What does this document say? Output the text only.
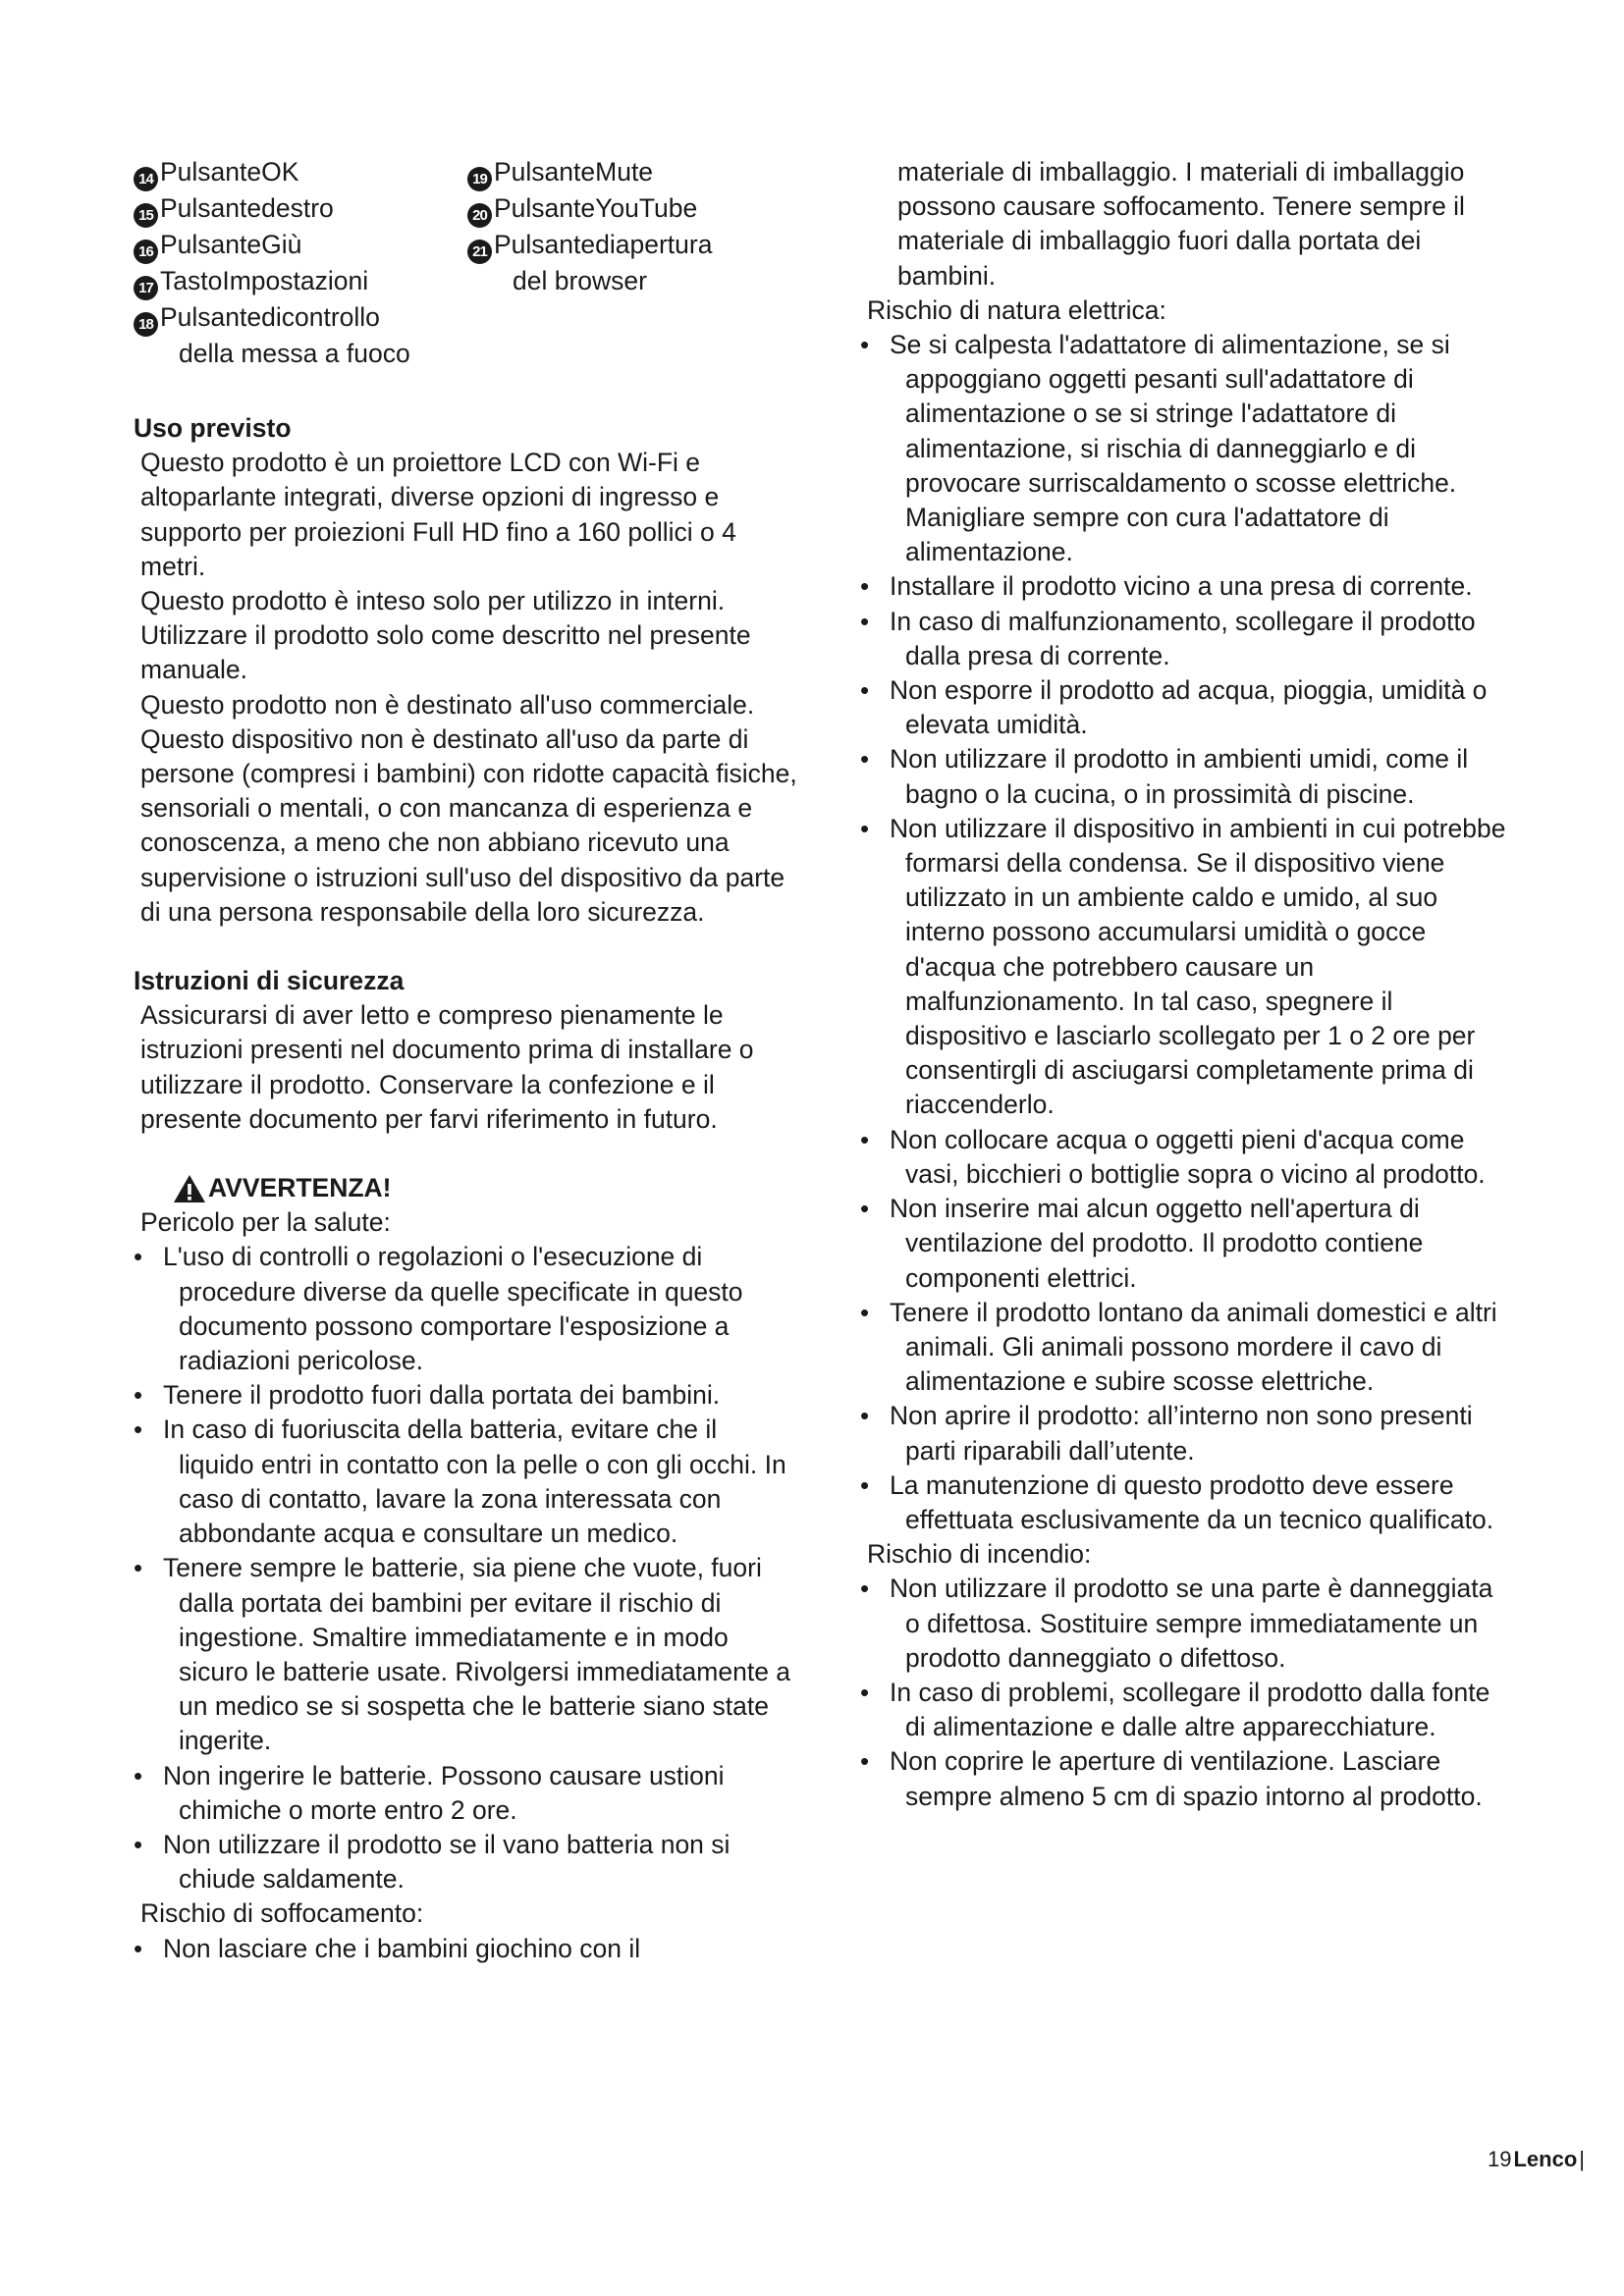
14 PulsanteOK
15 Pulsantedestro
16 PulsanteGiù
17 TastoImpostazioni
18 Pulsantedicontrollo
della messa a fuoco
19 PulsanteMute
20 PulsanteYouTube
21 Pulsantediapertura
del browser
Uso previsto

Questo prodotto è un proiettore LCD con Wi-Fi e altoparlante integrati, diverse opzioni di ingresso e supporto per proiezioni Full HD fino a 160 pollici o 4 metri.

Questo prodotto è inteso solo per utilizzo in interni.

Utilizzare il prodotto solo come descritto nel presente manuale.

Questo prodotto non è destinato all'uso commerciale.

Questo dispositivo non è destinato all'uso da parte di persone (compresi i bambini) con ridotte capacità fisiche, sensoriali o mentali, o con mancanza di esperienza e conoscenza, a meno che non abbiano ricevuto una supervisione o istruzioni sull'uso del dispositivo da parte di una persona responsabile della loro sicurezza.

Istruzioni di sicurezza

Assicurarsi di aver letto e compreso pienamente le istruzioni presenti nel documento prima di installare o utilizzare il prodotto. Conservare la confezione e il presente documento per farvi riferimento in futuro.

AVVERTENZA!

Pericolo per la salute:

• L'uso di controlli o regolazioni o l'esecuzione di procedure diverse da quelle specificate in questo documento possono comportare l'esposizione a radiazioni pericolose.
• Tenere il prodotto fuori dalla portata dei bambini.
• In caso di fuoriuscita della batteria, evitare che il liquido entri in contatto con la pelle o con gli occhi. In caso di contatto, lavare la zona interessata con abbondante acqua e consultare un medico.
• Tenere sempre le batterie, sia piene che vuote, fuori dalla portata dei bambini per evitare il rischio di ingestione. Smaltire immediatamente e in modo sicuro le batterie usate. Rivolgersi immediatamente a un medico se si sospetta che le batterie siano state ingerite.
• Non ingerire le batterie. Possono causare ustioni chimiche o morte entro 2 ore.
• Non utilizzare il prodotto se il vano batteria non si chiude saldamente.

Rischio di soffocamento:

• Non lasciare che i bambini giochino con il
materiale di imballaggio. I materiali di imballaggio possono causare soffocamento. Tenere sempre il materiale di imballaggio fuori dalla portata dei bambini.

Rischio di natura elettrica:

• Se si calpesta l'adattatore di alimentazione, se si appoggiano oggetti pesanti sull'adattatore di alimentazione o se si stringe l'adattatore di alimentazione, si rischia di danneggiarlo e di provocare surriscaldamento o scosse elettriche. Manigliare sempre con cura l'adattatore di alimentazione.
• Installare il prodotto vicino a una presa di corrente.
• In caso di malfunzionamento, scollegare il prodotto dalla presa di corrente.
• Non esporre il prodotto ad acqua, pioggia, umidità o elevata umidità.
• Non utilizzare il prodotto in ambienti umidi, come il bagno o la cucina, o in prossimità di piscine.
• Non utilizzare il dispositivo in ambienti in cui potrebbe formarsi della condensa. Se il dispositivo viene utilizzato in un ambiente caldo e umido, al suo interno possono accumularsi umidità o gocce d'acqua che potrebbero causare un malfunzionamento. In tal caso, spegnere il dispositivo e lasciarlo scollegato per 1 o 2 ore per consentirgli di asciugarsi completamente prima di riaccenderlo.
• Non collocare acqua o oggetti pieni d'acqua come vasi, bicchieri o bottiglie sopra o vicino al prodotto.
• Non inserire mai alcun oggetto nell'apertura di ventilazione del prodotto. Il prodotto contiene componenti elettrici.
• Tenere il prodotto lontano da animali domestici e altri animali. Gli animali possono mordere il cavo di alimentazione e subire scosse elettriche.
• Non aprire il prodotto: all’interno non sono presenti parti riparabili dall’utente.
• La manutenzione di questo prodotto deve essere effettuata esclusivamente da un tecnico qualificato.

Rischio di incendio:

• Non utilizzare il prodotto se una parte è danneggiata o difettosa. Sostituire sempre immediatamente un prodotto danneggiato o difettoso.
• In caso di problemi, scollegare il prodotto dalla fonte di alimentazione e dalle altre apparecchiature.
• Non coprire le aperture di ventilazione. Lasciare sempre almeno 5 cm di spazio intorno al prodotto.
19 Lenco |
